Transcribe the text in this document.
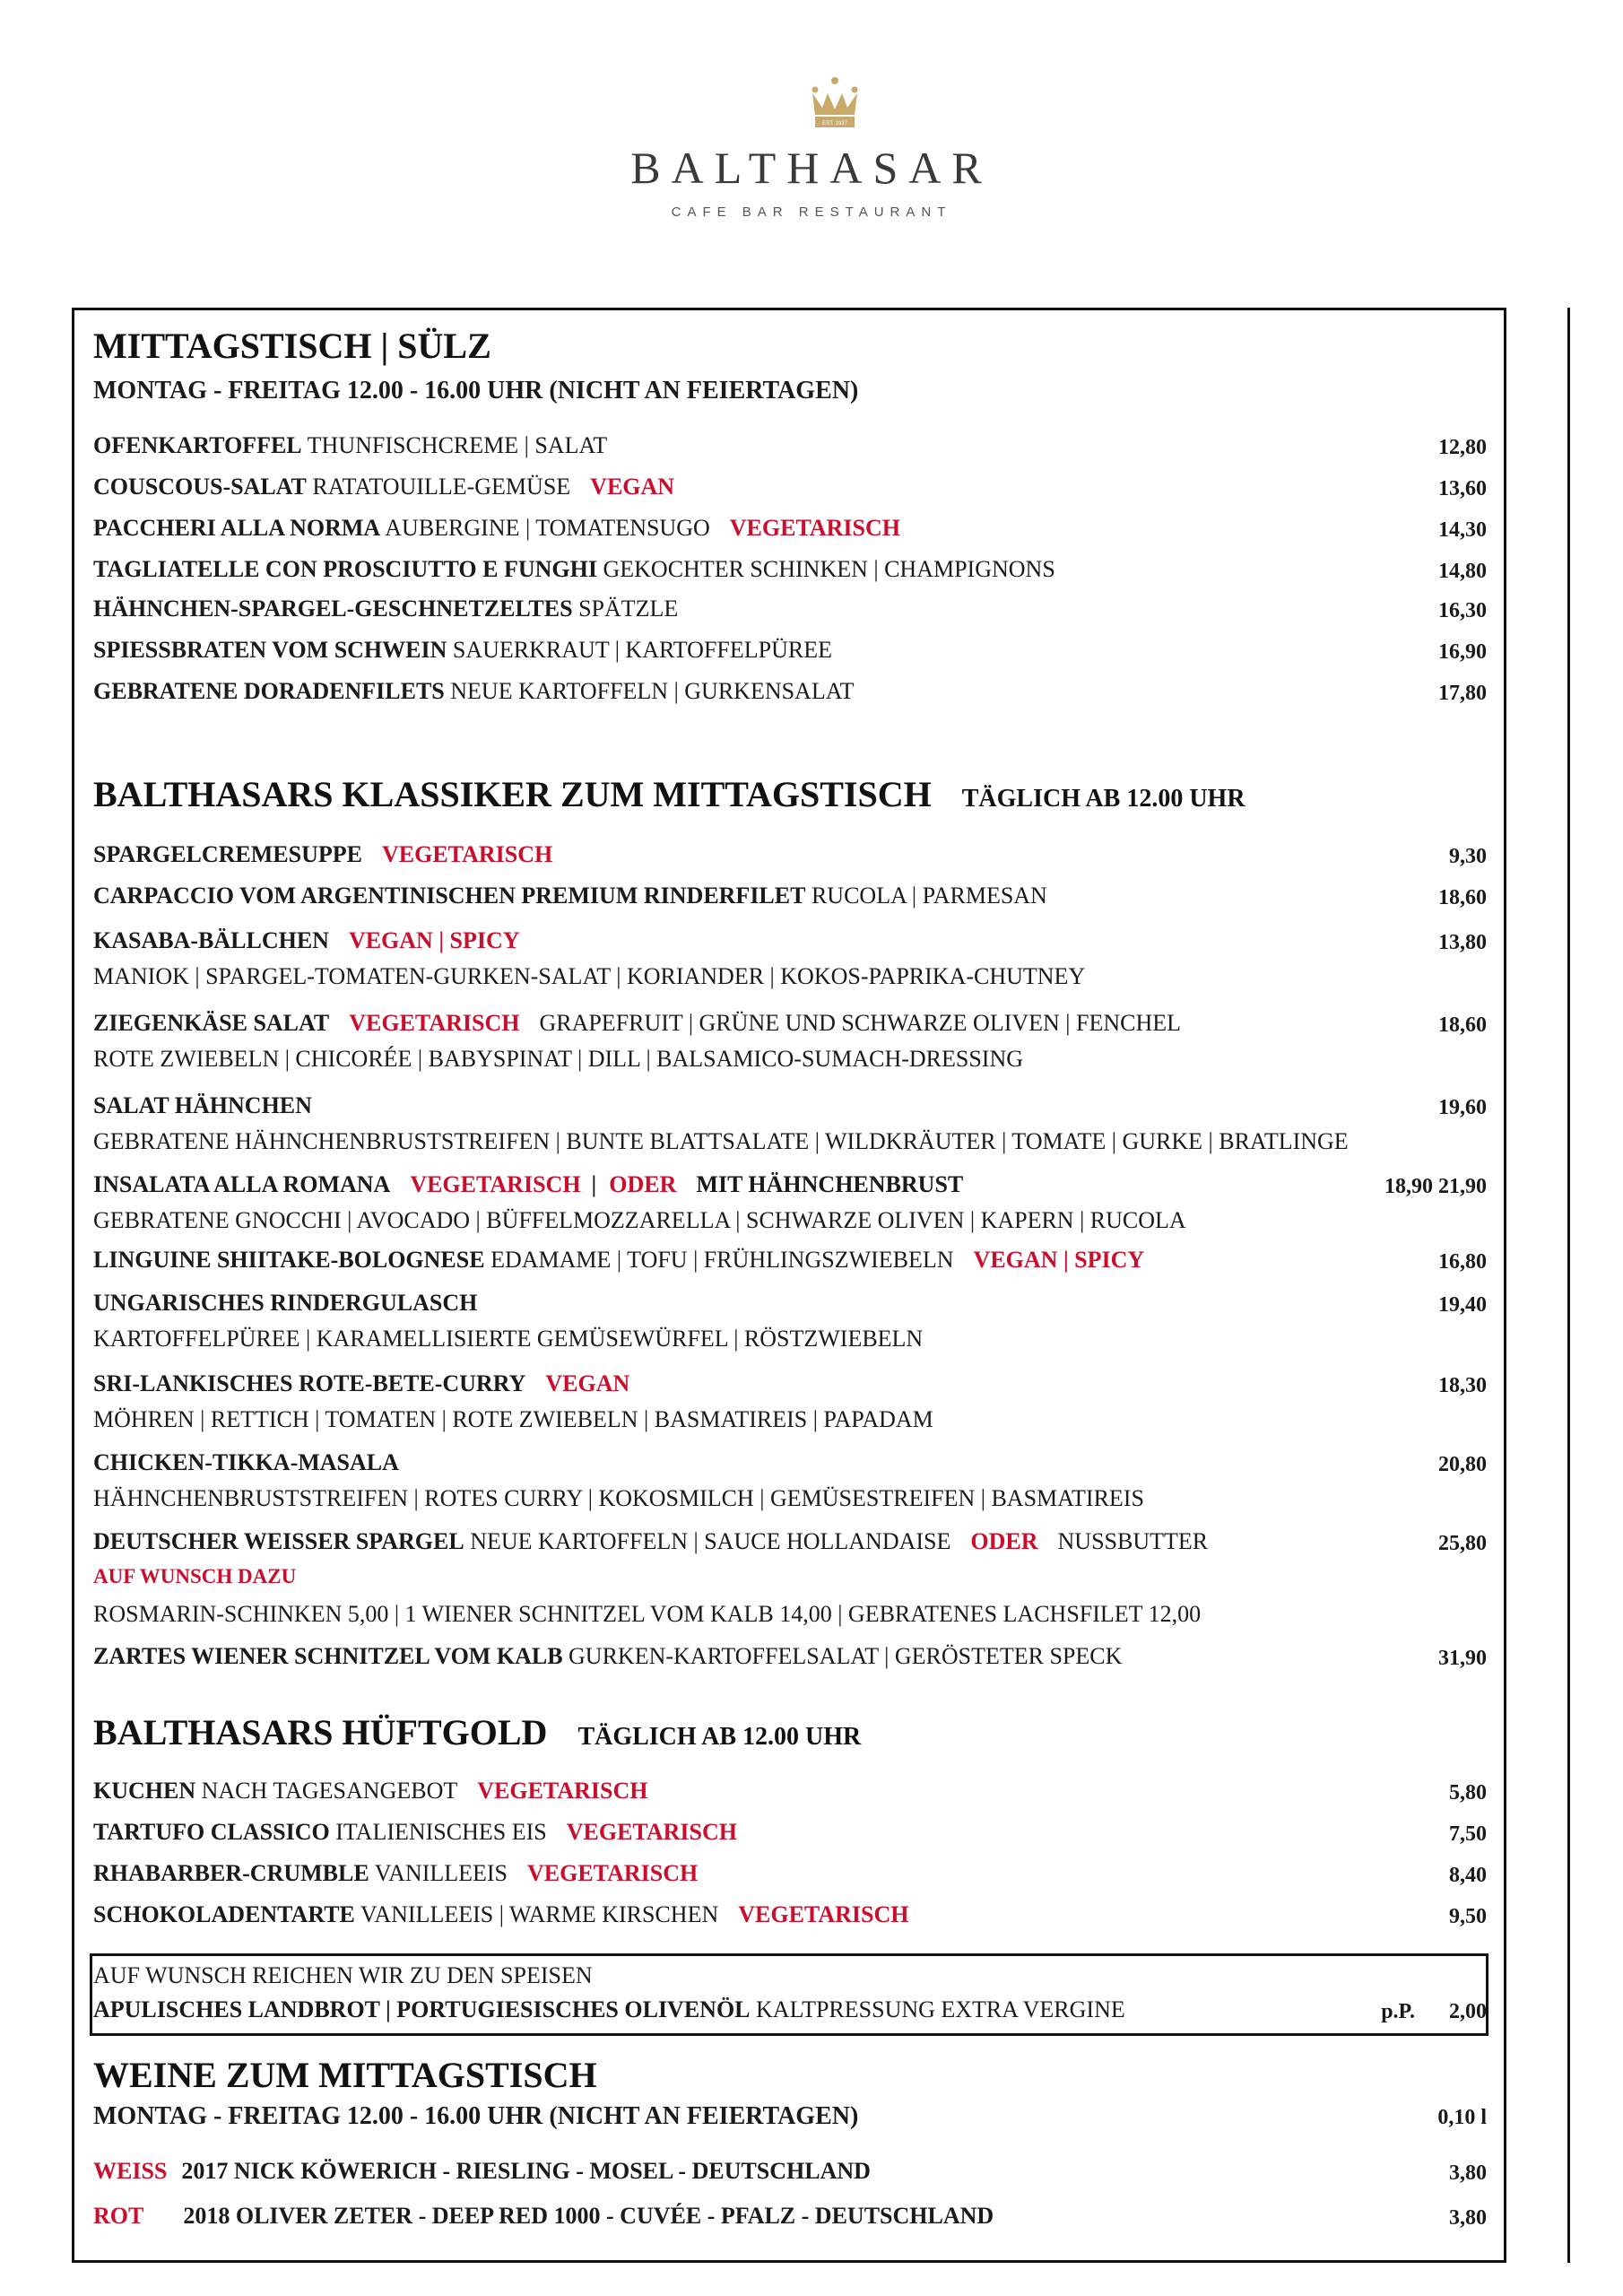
EST. 1937
BALTHASAR
CAFE BAR RESTAURANT
MITTAGSTISCH | SÜLZ
MONTAG - FREITAG 12.00 - 16.00 UHR (NICHT AN FEIERTAGEN)
OFENKARTOFFEL THUNFISCHCREME | SALAT	12,80
COUSCOUS-SALAT RATATOUILLE-GEMÜSE VEGAN	13,60
PACCHERI ALLA NORMA AUBERGINE | TOMATENSUGO VEGETARISCH	14,30
TAGLIATELLE CON PROSCIUTTO E FUNGHI GEKOCHTER SCHINKEN | CHAMPIGNONS	14,80
HÄHNCHEN-SPARGEL-GESCHNETZELTES SPÄTZLE	16,30
SPIESSBRATEN VOM SCHWEIN SAUERKRAUT | KARTOFFELPÜREE	16,90
GEBRATENE DORADENFILETS NEUE KARTOFFELN | GURKENSALAT	17,80
BALTHASARS KLASSIKER ZUM MITTAGSTISCH TÄGLICH AB 12.00 UHR
SPARGELCREMESUPPE VEGETARISCH	9,30
CARPACCIO VOM ARGENTINISCHEN PREMIUM RINDERFILET RUCOLA | PARMESAN	18,60
KASABA-BÄLLCHEN VEGAN | SPICY	13,80
MANIOK | SPARGEL-TOMATEN-GURKEN-SALAT | KORIANDER | KOKOS-PAPRIKA-CHUTNEY
ZIEGENKÄSE SALAT VEGETARISCH GRAPEFRUIT | GRÜNE UND SCHWARZE OLIVEN | FENCHEL	18,60
ROTE ZWIEBELN | CHICORÉE | BABYSPINAT | DILL | BALSAMICO-SUMACH-DRESSING
SALAT HÄHNCHEN	19,60
GEBRATENE HÄHNCHENBRUSTSTREIFEN | BUNTE BLATTSALATE | WILDKRÄUTER | TOMATE | GURKE | BRATLINGE
INSALATA ALLA ROMANA VEGETARISCH | ODER MIT HÄHNCHENBRUST	18,90 21,90
GEBRATENE GNOCCHI | AVOCADO | BÜFFELMOZZARELLA | SCHWARZE OLIVEN | KAPERN | RUCOLA
LINGUINE SHIITAKE-BOLOGNESE EDAMAME | TOFU | FRÜHLINGSZWIEBELN VEGAN | SPICY	16,80
UNGARISCHES RINDERGULASCH	19,40
KARTOFFELPÜREE | KARAMELLISIERTE GEMÜSEWÜRFEL | RÖSTZWIEBELN
SRI-LANKISCHES ROTE-BETE-CURRY VEGAN	18,30
MÖHREN | RETTICH | TOMATEN | ROTE ZWIEBELN | BASMATIREIS | PAPADAM
CHICKEN-TIKKA-MASALA	20,80
HÄHNCHENBRUSTSTREIFEN | ROTES CURRY | KOKOSMILCH | GEMÜSESTREIFEN | BASMATIREIS
DEUTSCHER WEISSER SPARGEL NEUE KARTOFFELN | SAUCE HOLLANDAISE ODER NUSSBUTTER	25,80
ZARTES WIENER SCHNITZEL VOM KALB GURKEN-KARTOFFELSALAT | GERÖSTETER SPECK	31,90
AUF WUNSCH DAZU
ROSMARIN-SCHINKEN 5,00 | 1 WIENER SCHNITZEL VOM KALB 14,00 | GEBRATENES LACHSFILET 12,00
BALTHASARS HÜFTGOLD TÄGLICH AB 12.00 UHR
KUCHEN NACH TAGESANGEBOT VEGETARISCH	5,80
TARTUFO CLASSICO ITALIENISCHES EIS VEGETARISCH	7,50
RHABARBER-CRUMBLE VANILLEEIS VEGETARISCH	8,40
SCHOKOLADENTARTE VANILLEEIS | WARME KIRSCHEN VEGETARISCH	9,50
AUF WUNSCH REICHEN WIR ZU DEN SPEISEN
APULISCHES LANDBROT | PORTUGIESISCHES OLIVENÖL KALTPRESSUNG EXTRA VERGINE	p.P. 2,00
WEINE ZUM MITTAGSTISCH
MONTAG - FREITAG 12.00 - 16.00 UHR (NICHT AN FEIERTAGEN)	0,10 l
WEISS 2017 NICK KÖWERICH - RIESLING - MOSEL - DEUTSCHLAND	3,80
ROT 2018 OLIVER ZETER - DEEP RED 1000 - CUVÉE - PFALZ - DEUTSCHLAND	3,80
